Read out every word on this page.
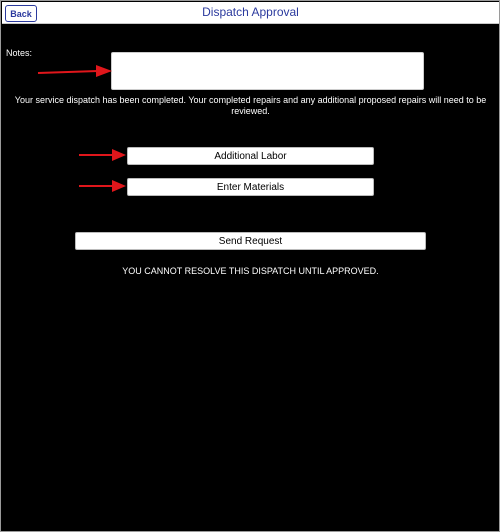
Back	Dispatch Approval
Notes:
Your service dispatch has been completed. Your completed repairs and any additional proposed repairs will need to be reviewed.
Additional Labor
Enter Materials
Send Request
YOU CANNOT RESOLVE THIS DISPATCH UNTIL APPROVED.
